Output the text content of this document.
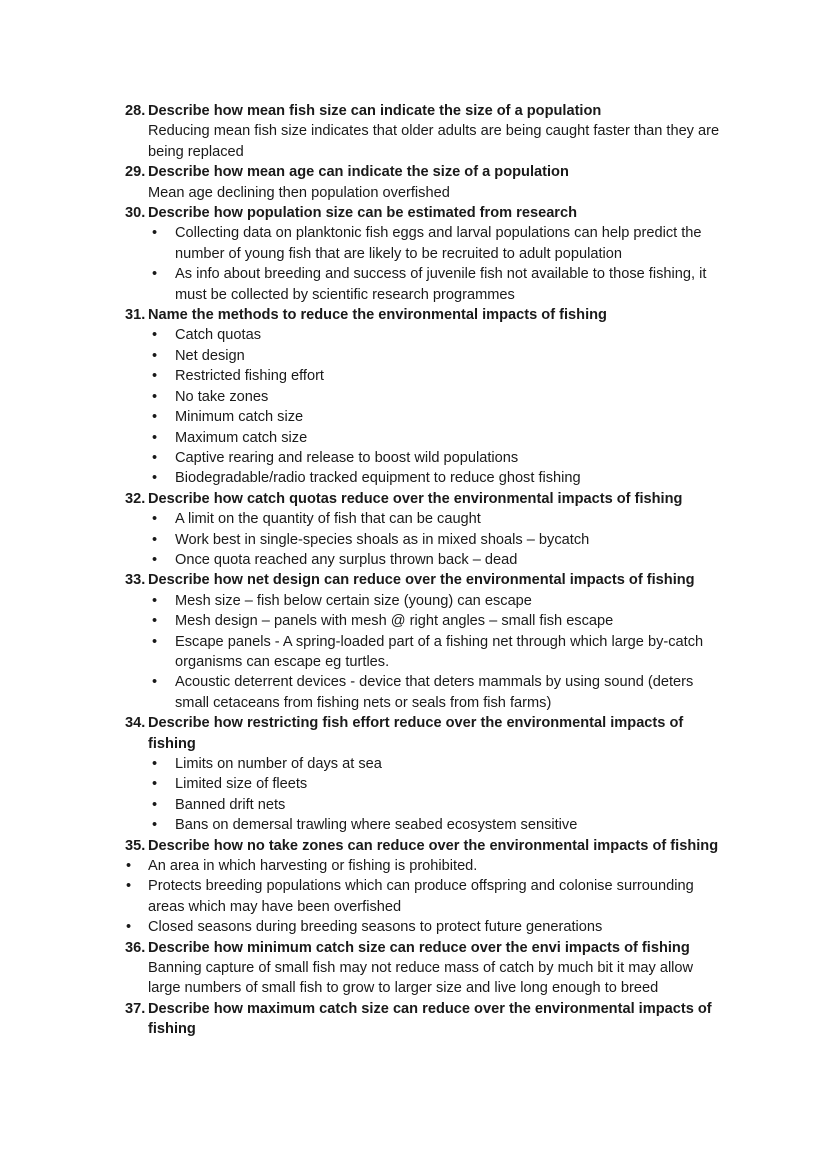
28. Describe how mean fish size can indicate the size of a population
Reducing mean fish size indicates that older adults are being caught faster than they are being replaced
29. Describe how mean age can indicate the size of a population
Mean age declining then population overfished
30. Describe how population size can be estimated from research
• Collecting data on planktonic fish eggs and larval populations can help predict the number of young fish that are likely to be recruited to adult population
• As info about breeding and success of juvenile fish not available to those fishing, it must be collected by scientific research programmes
31. Name the methods to reduce the environmental impacts of fishing
• Catch quotas
• Net design
• Restricted fishing effort
• No take zones
• Minimum catch size
• Maximum catch size
• Captive rearing and release to boost wild populations
• Biodegradable/radio tracked equipment to reduce ghost fishing
32. Describe how catch quotas reduce over the environmental impacts of fishing
• A limit on the quantity of fish that can be caught
• Work best in single-species shoals as in mixed shoals – bycatch
• Once quota reached any surplus thrown back – dead
33. Describe how net design can reduce over the environmental impacts of fishing
• Mesh size – fish below certain size (young) can escape
• Mesh design – panels with mesh @ right angles – small fish escape
• Escape panels - A spring-loaded part of a fishing net through which large by-catch organisms can escape eg turtles.
• Acoustic deterrent devices - device that deters mammals by using sound (deters small cetaceans from fishing nets or seals from fish farms)
34. Describe how restricting fish effort reduce over the environmental impacts of fishing
• Limits on number of days at sea
• Limited size of fleets
• Banned drift nets
• Bans on demersal trawling where seabed ecosystem sensitive
35. Describe how no take zones can reduce over the environmental impacts of fishing
• An area in which harvesting or fishing is prohibited.
• Protects breeding populations which can produce offspring and colonise surrounding areas which may have been overfished
• Closed seasons during breeding seasons to protect future generations
36. Describe how minimum catch size can reduce over the envi impacts of fishing
Banning capture of small fish may not reduce mass of catch by much bit it may allow large numbers of small fish to grow to larger size and live long enough to breed
37. Describe how maximum catch size can reduce over the environmental impacts of fishing
